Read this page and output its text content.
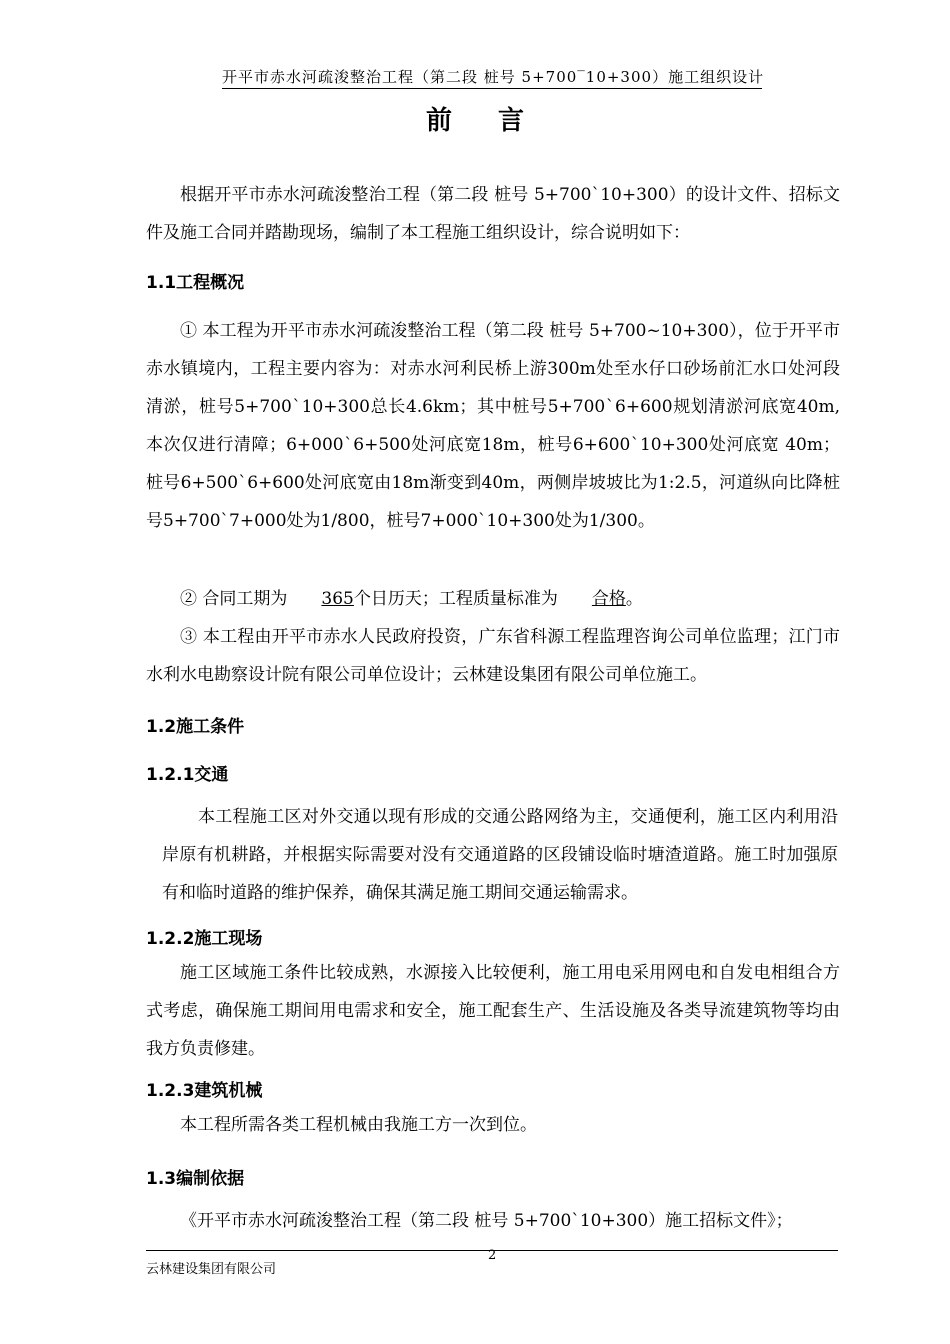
开平市赤水河疏浚整治工程（第二段 桩号 5+700‾10+300）施工组织设计
前言
根据开平市赤水河疏浚整治工程（第二段 桩号 5+700ˋ10+300）的设计文件、招标文件及施工合同并踏勘现场，编制了本工程施工组织设计，综合说明如下：
1.1工程概况
① 本工程为开平市赤水河疏浚整治工程（第二段 桩号 5+700~10+300），位于开平市赤水镇境内，工程主要内容为：对赤水河利民桥上游300m处至水仔口砂场前汇水口处河段清淤，桩号5+700ˋ10+300总长4.6km；其中桩号5+700ˋ6+600规划清淤河底宽40m,本次仅进行清障；6+000ˋ6+500处河底宽18m，桩号6+600ˋ10+300处河底宽 40m；桩号6+500ˋ6+600处河底宽由18m渐变到40m，两侧岸坡坡比为1:2.5，河道纵向比降桩号5+700ˋ7+000处为1/800，桩号7+000ˋ10+300处为1/300。
② 合同工期为 365个日历天；工程质量标准为 合格。
③ 本工程由开平市赤水人民政府投资，广东省科源工程监理咨询公司单位监理；江门市水利水电勘察设计院有限公司单位设计；云林建设集团有限公司单位施工。
1.2施工条件
1.2.1交通
本工程施工区对外交通以现有形成的交通公路网络为主，交通便利，施工区内利用沿岸原有机耕路，并根据实际需要对没有交通道路的区段铺设临时塘渣道路。施工时加强原有和临时道路的维护保养，确保其满足施工期间交通运输需求。
1.2.2施工现场
施工区域施工条件比较成熟，水源接入比较便利，施工用电采用网电和自发电相组合方式考虑，确保施工期间用电需求和安全，施工配套生产、生活设施及各类导流建筑物等均由我方负责修建。
1.2.3建筑机械
本工程所需各类工程机械由我施工方一次到位。
1.3编制依据
《开平市赤水河疏浚整治工程（第二段 桩号 5+700ˋ10+300）施工招标文件》；
2
云林建设集团有限公司
